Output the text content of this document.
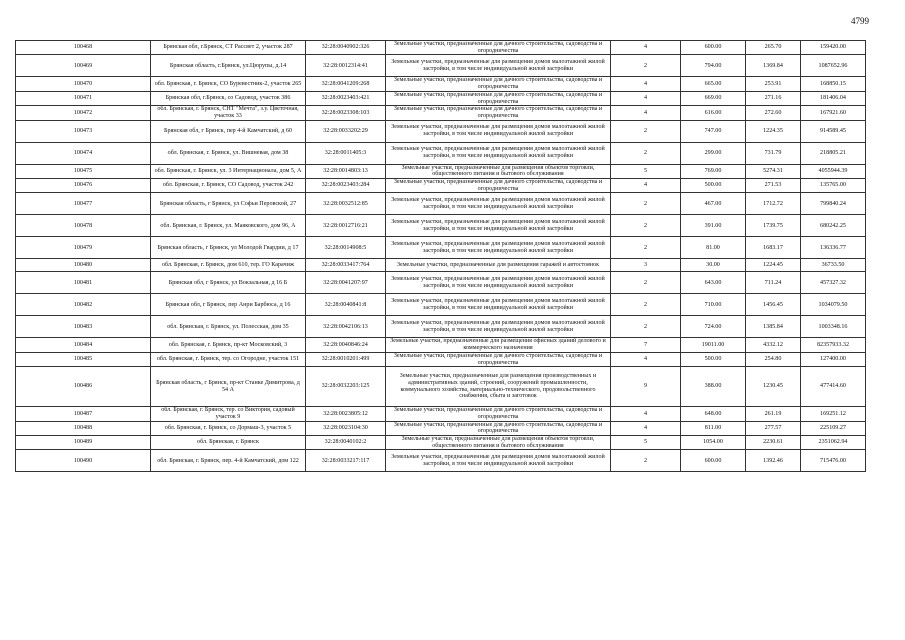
4799
100468	Брянская обл, г.Брянск, СТ Рассвет 2, участок 287	32:28:0040902:326	Земельные участки, предназначенные для дачного строительства, садоводства и огородничества	4	600.00	265.70	159420.00
100469	Брянская область, г.Брянск, ул.Цюрупы, д.14	32:28:0012314:41	Земельные участки, предназначенные для размещения домов малоэтажной жилой застройки, в том числе индивидуальной жилой застройки	2	794.00	1369.84	1087652.96
100470	обл. Брянская, г. Брянск, СО Буревестник-2, участок 265	32:28:0041209:268	Земельные участки, предназначенные для дачного строительства, садоводства и огородничества	4	665.00	253.91	168850.15
100471	Брянская обл, г.Брянск, со Садовод, участок 386	32:28:0023403:421	Земельные участки, предназначенные для дачного строительства, садоводства и огородничества	4	669.00	271.16	181406.04
100472	обл. Брянская, г. Брянск, СНТ "Мечта", з.у. Цветочная, участок 33	32:28:0023308:103	Земельные участки, предназначенные для дачного строительства, садоводства и огородничества	4	616.00	272.60	167921.60
100473	Брянская обл, г Брянск, пер 4-й Камчатский, д 60	32:28:0033202:29	Земельные участки, предназначенные для размещения домов малоэтажной жилой застройки, в том числе индивидуальной жилой застройки	2	747.00	1224.35	914589.45
100474	обл. Брянская, г. Брянск, ул. Вишневая, дом 38	32:28:0011405:3	Земельные участки, предназначенные для размещения домов малоэтажной жилой застройки, в том числе индивидуальной жилой застройки	2	299.00	731.79	218805.21
100475	обл. Брянская, г. Брянск, ул. 3 Интернационала, дом 5, А	32:28:0014803:13	Земельные участки, предназначенные для размещения объектов торговли, общественного питания и бытового обслуживания	5	769.00	5274.31	4055944.39
100476	обл. Брянская, г. Брянск, СО Садовод, участок 242	32:28:0023403:284	Земельные участки, предназначенные для дачного строительства, садоводства и огородничества	4	500.00	271.53	135765.00
100477	Брянская область, г Брянск, ул Софьи Перовской, 27	32:28:0032512:85	Земельные участки, предназначенные для размещения домов малоэтажной жилой застройки, в том числе индивидуальной жилой застройки	2	467.00	1712.72	799840.24
100478	обл. Брянская, г. Брянск, ул. Маяковского, дом 96, А	32:28:0012716:21	Земельные участки, предназначенные для размещения домов малоэтажной жилой застройки, в том числе индивидуальной жилой застройки	2	391.00	1739.75	680242.25
100479	Брянская область, г Брянск, ул Молодой Гвардии, д 17	32:28:0014908:5	Земельные участки, предназначенные для размещения домов малоэтажной жилой застройки, в том числе индивидуальной жилой застройки	2	81.00	1683.17	136336.77
100480	обл. Брянская, г. Брянск, дом 610, тер. ГО Карачиж	32:28:0033417:764	Земельные участки, предназначенные для размещения гаражей и автостоянок	3	30.00	1224.45	36733.50
100481	Брянская обл, г Брянск, ул Вокзальная, д 16 Б	32:28:0041207:97	Земельные участки, предназначенные для размещения домов малоэтажной жилой застройки, в том числе индивидуальной жилой застройки	2	643.00	711.24	457327.32
100482	Брянская обл, г Брянск, пер Анри Барбюса, д 16	32:28:0040841:8	Земельные участки, предназначенные для размещения домов малоэтажной жилой застройки, в том числе индивидуальной жилой застройки	2	710.00	1456.45	1034079.50
100483	обл. Брянская, г. Брянск, ул. Полесская, дом 35	32:28:0042106:13	Земельные участки, предназначенные для размещения домов малоэтажной жилой застройки, в том числе индивидуальной жилой застройки	2	724.00	1385.84	1003348.16
100484	обл. Брянская, г. Брянск, пр-кт Московский, 3	32:28:0040846:24	Земельные участки, предназначенные для размещения офисных зданий делового и коммерческого назначения	7	19011.00	4332.12	82357933.32
100485	обл. Брянская, г. Брянск, тер. со Огородне, участок 151	32:28:0010201:499	Земельные участки, предназначенные для дачного строительства, садоводства и огородничества	4	500.00	254.80	127400.00
100486	Брянская область, г Брянск, пр-кт Станке Димитрова, д 54 А	32:28:0032203:125	Земельные участки, предназначенные для размещения производственных и административных зданий, строений, сооружений промышленности, коммунального хозяйства, материально-технического, продовольственного снабжения, сбыта и заготовок	9	388.00	1230.45	477414.60
100487	обл. Брянская, г. Брянск, тер. со Виктория, садовый участок 9	32:28:0023805:12	Земельные участки, предназначенные для дачного строительства, садоводства и огородничества	4	648.00	261.19	169251.12
100488	обл. Брянская, г. Брянск, со Дормаш-3, участок 5	32:28:0023104:30	Земельные участки, предназначенные для дачного строительства, садоводства и огородничества	4	811.00	277.57	225109.27
100489	обл. Брянская, г. Брянск	32:28:0040102:2	Земельные участки, предназначенные для размещения объектов торговли, общественного питания и бытового обслуживания	5	1054.00	2230.61	2351062.94
100490	обл. Брянская, г. Брянск, пер. 4-й Камчатский, дом 122	32:28:0033217:117	Земельные участки, предназначенные для размещения домов малоэтажной жилой застройки, в том числе индивидуальной жилой застройки	2	600.00	1392.46	715476.00
